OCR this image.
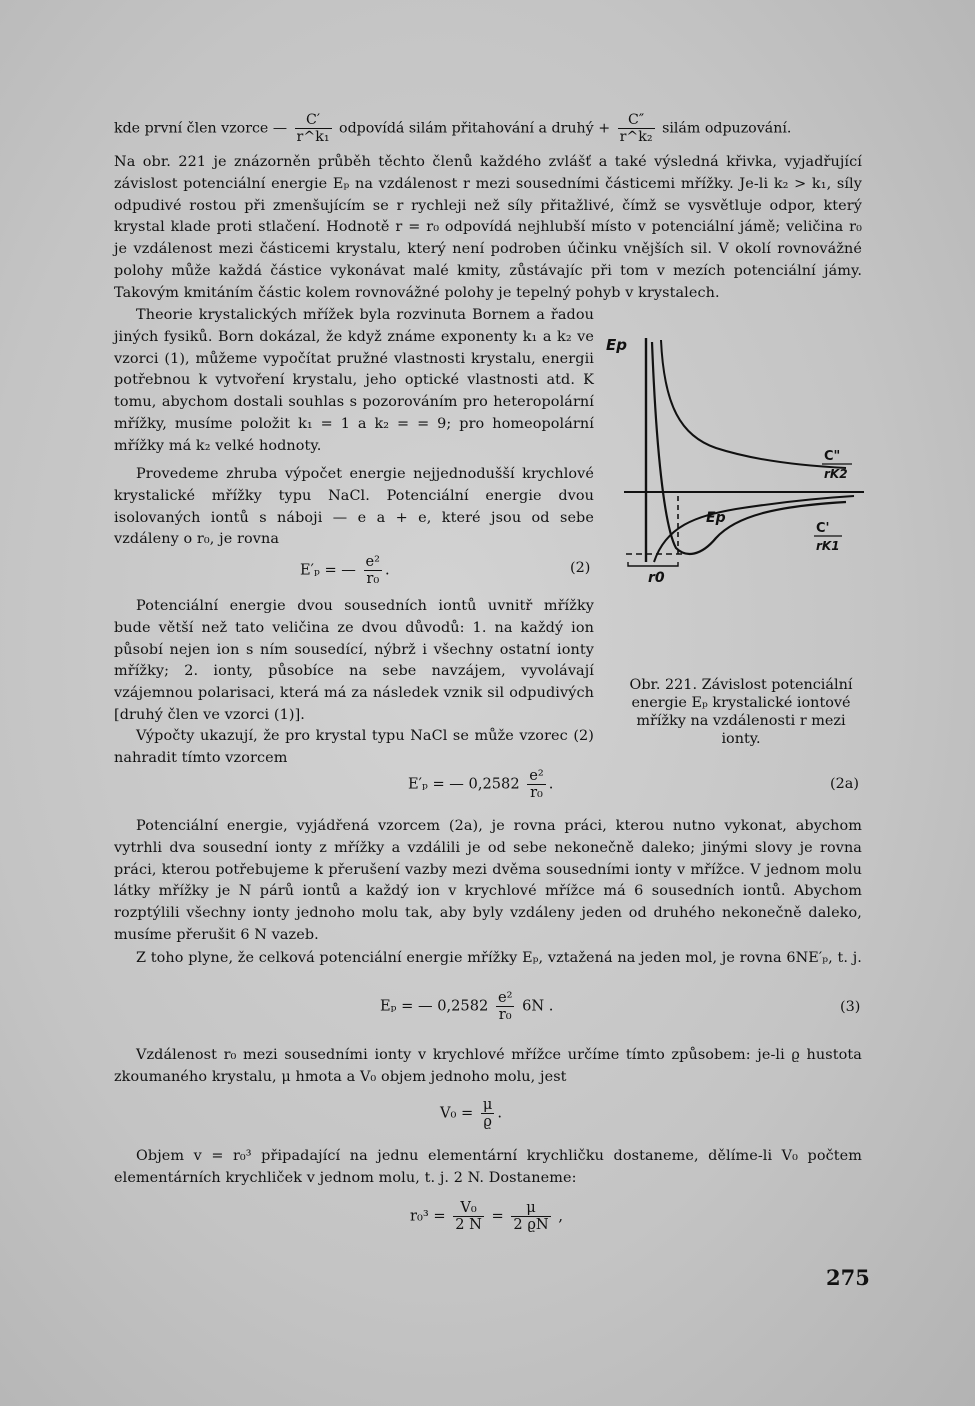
kde první člen vzorce — $\frac{C'}{\text{r\textasciicircum{}k₁}}$ odpovídá silám přitahování a druhý + $\frac{C''}{\text{r\textasciicircum{}k₂}}$ silám odpuzování.
Na obr. 221 je znázorněn průběh těchto členů každého zvlášť a také výsledná křivka, vyjadřující závislost potenciální energie Eₚ na vzdálenost r mezi sousedními částicemi mřížky. Je-li k₂ > k₁, síly odpudivé rostou při zmenšujícím se r rychleji než síly přitažlivé, čímž se vysvětluje odpor, který krystal klade proti stlačení. Hodnotě r = r₀ odpovídá nejhlubší místo v potenciální jámě; veličina r₀ je vzdálenost mezi částicemi krystalu, který není podroben účinku vnějších sil. V okolí rovnovážné polohy může každá částice vykonávat malé kmity, zůstávajíc při tom v mezích potenciální jámy. Takovým kmitáním částic kolem rovnovážné polohy je tepelný pohyb v krystalech.
Theorie krystalických mřížek byla rozvinuta Bornem a řadou jiných fysiků. Born dokázal, že když známe exponenty k₁ a k₂ ve vzorci (1), můžeme vypočítat pružné vlastnosti krystalu, energii potřebnou k vytvoření krystalu, jeho optické vlastnosti atd. K tomu, abychom dostali souhlas s pozorováním pro heteropolární mřížky, musíme položit k₁ = 1 a k₂ = = 9; pro homeopolární mřížky má k₂ velké hodnoty.
Provedeme zhruba výpočet energie nejjednodušší krychlové krystalické mřížky typu NaCl. Potenciální energie dvou isolovaných iontů s náboji — e a + e, které jsou od sebe vzdáleny o r₀, je rovna
E′ₚ = — $\frac{\text{e²}}{\text{r₀}}$ .	(2)
Potenciální energie dvou sousedních iontů uvnitř mřížky bude větší než tato veličina ze dvou důvodů: 1. na každý ion působí nejen ion s ním sousedící, nýbrž i všechny ostatní ionty mřížky; 2. ionty, působíce na sebe navzájem, vyvolávají vzájemnou polarisaci, která má za následek vznik sil odpudivých [druhý člen ve vzorci (1)].
Výpočty ukazují, že pro krystal typu NaCl se může vzorec (2) nahradit tímto vzorcem
E′ₚ = — $0,2582 \frac{\text{e²}}{\text{r₀}}$ .	(2a)
Potenciální energie, vyjádřená vzorcem (2a), je rovna práci, kterou nutno vykonat, abychom vytrhli dva sousední ionty z mřížky a vzdálili je od sebe nekonečně daleko; jinými slovy je rovna práci, kterou potřebujeme k přerušení vazby mezi dvěma sousedními ionty v mřížce. V jednom molu látky mřížky je N párů iontů a každý ion v krychlové mřížce má 6 sousedních iontů. Abychom rozptýlili všechny ionty jednoho molu tak, aby byly vzdáleny jeden od druhého nekonečně daleko, musíme přerušit 6 N vazeb.
Z toho plyne, že celková potenciální energie mřížky Eₚ, vztažená na jeden mol, je rovna 6NE′ₚ, t. j.
Eₚ = — $0,2582 \frac{\text{e²}}{\text{r₀}} 6N$ .	(3)
Vzdálenost r₀ mezi sousedními ionty v krychlové mřížce určíme tímto způsobem: je-li ϱ hustota zkoumaného krystalu, μ hmota a V₀ objem jednoho molu, jest
$V_0 = \frac{\mu}{ϱ}$ .
Objem v = r₀³ připadající na jednu elementární krychličku dostaneme, dělíme-li V₀ počtem elementárních krychliček v jednom molu, t. j. 2 N. Dostaneme:
$r_0^3 = \frac{\text{V₀}}{2 N} = \frac{\mu}{2 ϱN}$ ,
Ep
Ep
r0
C"
rK2
C'
rK1
Obr. 221. Závislost potenciální energie Eₚ krystalické iontové mřížky na vzdálenosti r mezi ionty.
275
